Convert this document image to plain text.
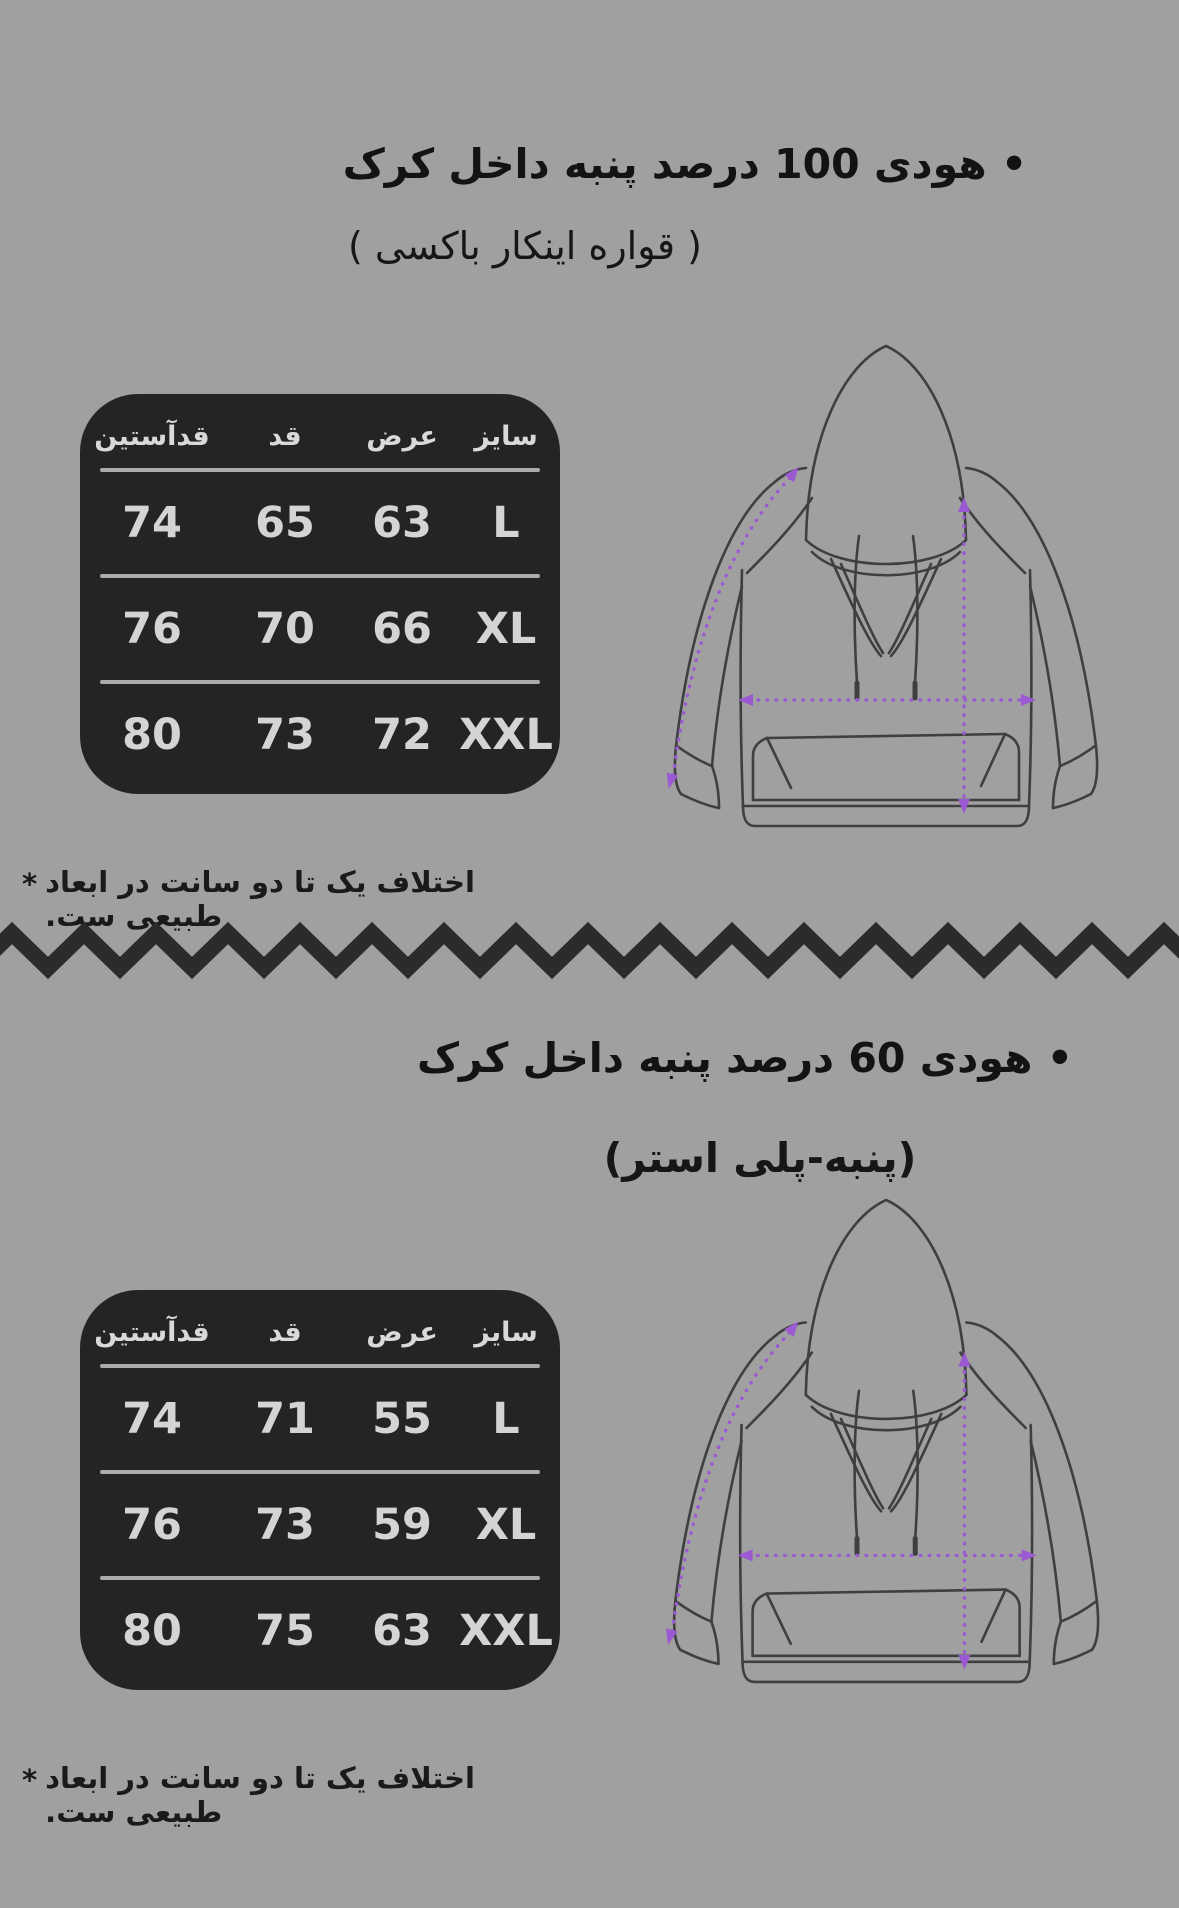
• هودی 100 درصد پنبه داخل کرک
( قواره اینکار باکسی )
سایز
عرض
قد
قدآستین
L
63
65
74
XL
66
70
76
XXL
72
73
80

* اختلاف یک تا دو سانت در ابعاد طبیعی ست.

• هودی 60 درصد پنبه داخل کرک
(پنبه-پلی استر)
سایز
عرض
قد
قدآستین
L
55
71
74
XL
59
73
76
XXL
63
75
80

* اختلاف یک تا دو سانت در ابعاد طبیعی ست.
